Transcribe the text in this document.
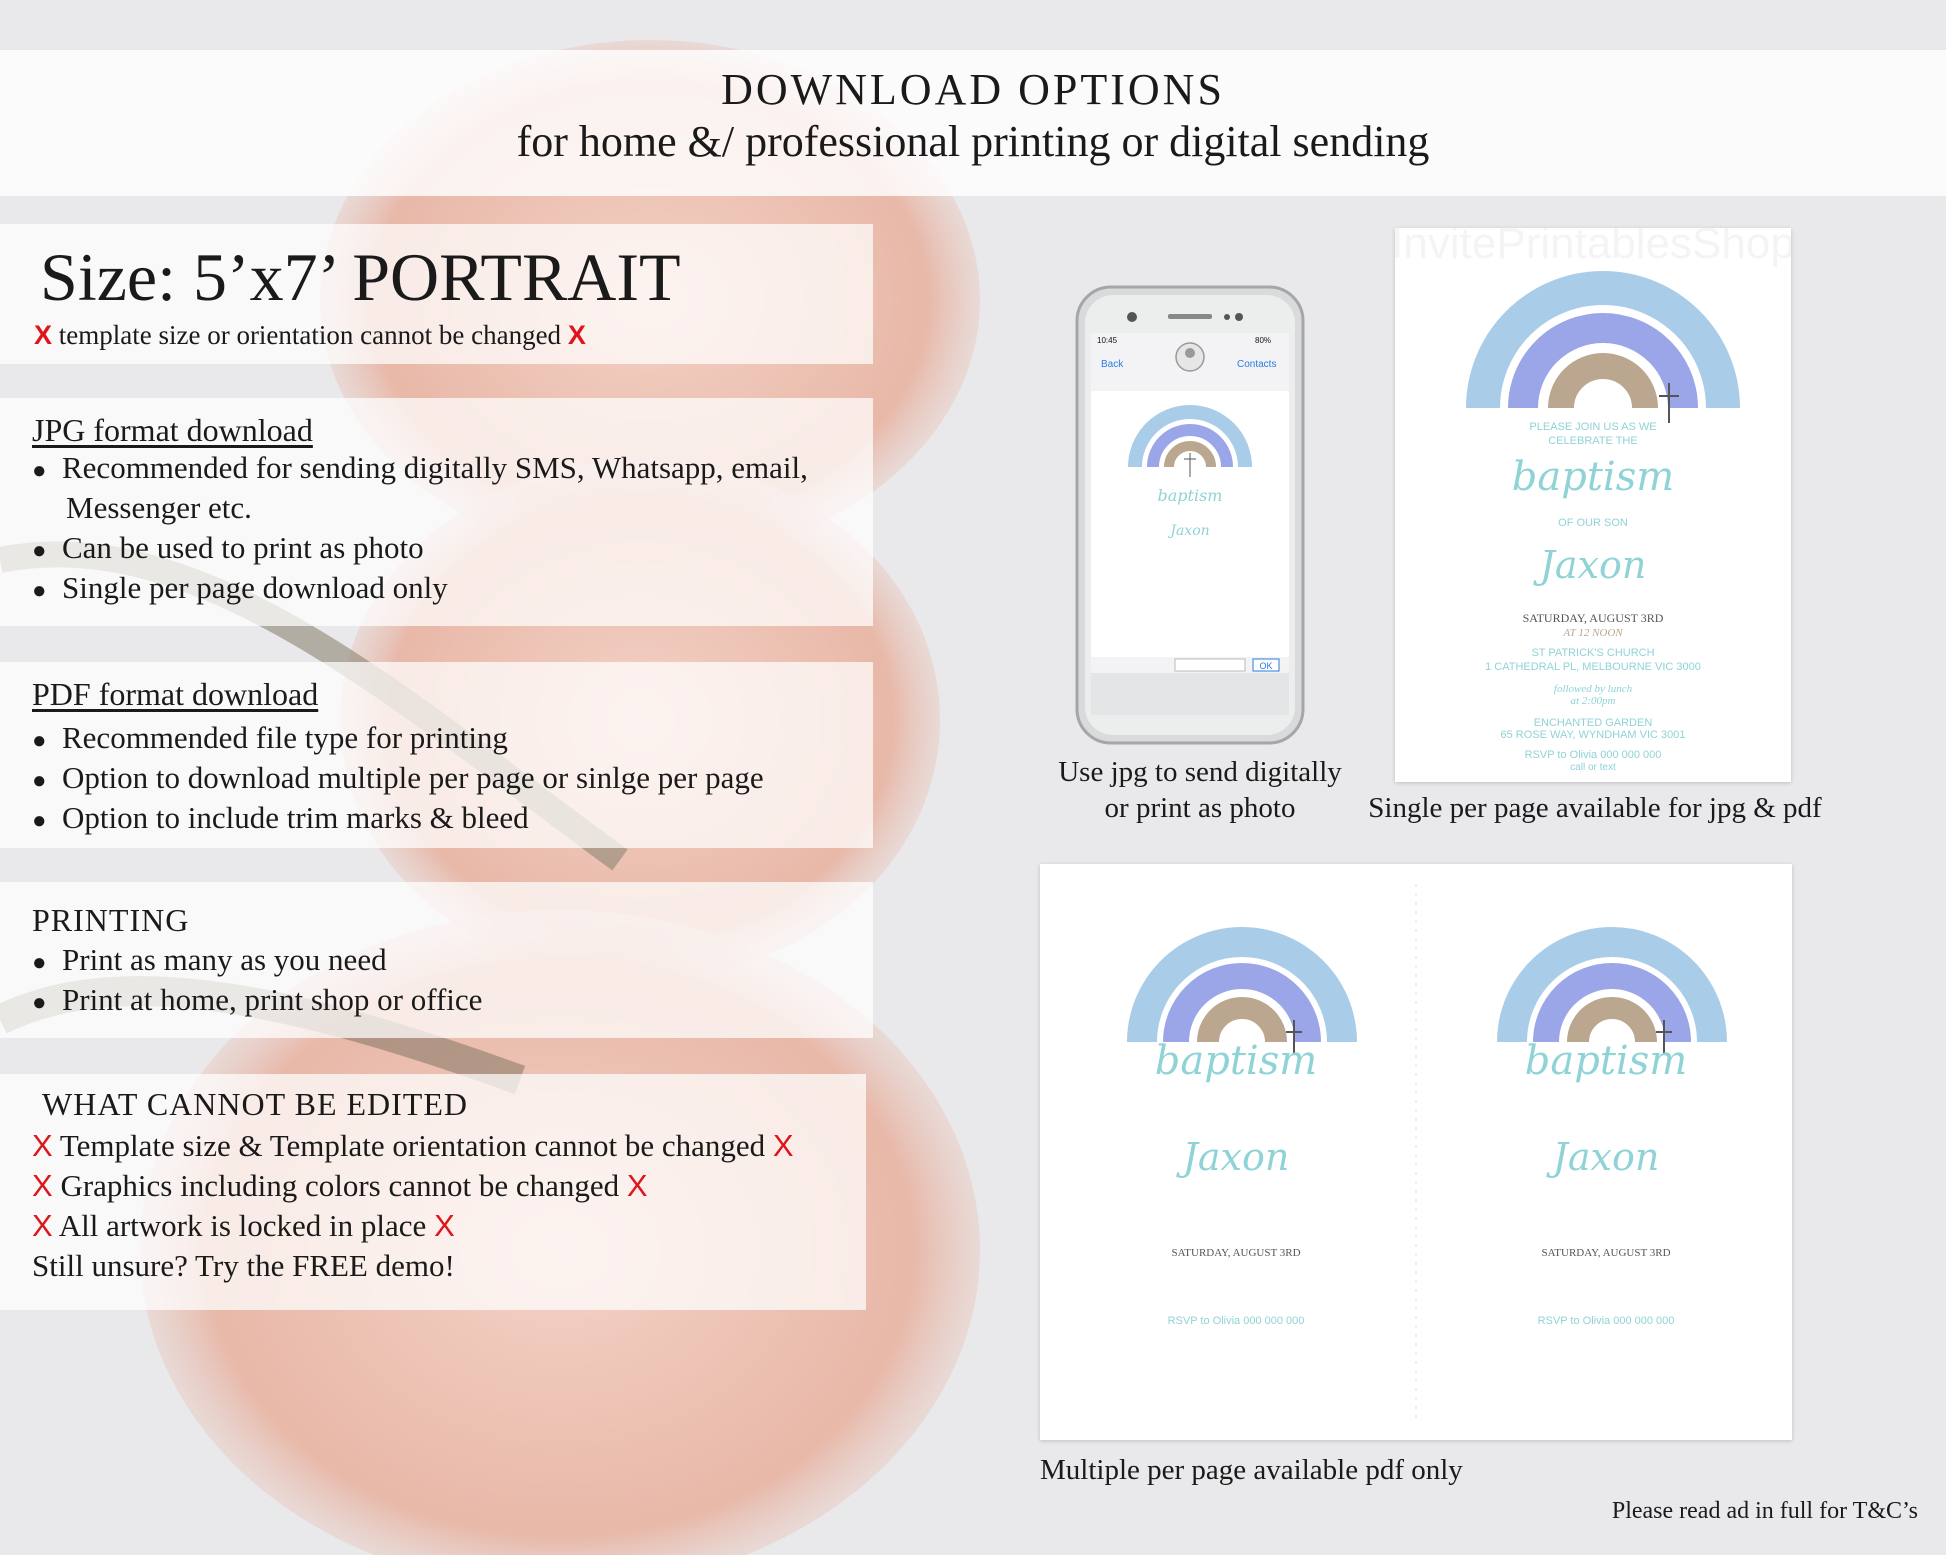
DOWNLOAD OPTIONS
for home &/ professional printing or digital sending
Size: 5’x7’ PORTRAIT
X template size or orientation cannot be changed X
JPG format download
● Recommended for sending digitally SMS, Whatsapp, email,
Messenger etc.
● Can be used to print as photo
● Single per page download only
PDF format download
● Recommended file type for printing
● Option to download multiple per page or sinlge per page
● Option to include trim marks & bleed
PRINTING
● Print as many as you need
● Print at home, print shop or office
WHAT CANNOT BE EDITED
X Template size & Template orientation cannot be changed X
X Graphics including colors cannot be changed X
X All artwork is locked in place X
Still unsure? Try the FREE demo!
10:45	80%
Back	Contacts
baptism
Jaxon
OK
Use jpg to send digitally
or print as photo
PLEASE JOIN US AS WE
CELEBRATE THE
baptism
OF OUR SON
Jaxon
SATURDAY, AUGUST 3RD
AT 12 NOON
ST PATRICK'S CHURCH
1 CATHEDRAL PL, MELBOURNE VIC 3000
followed by lunch
at 2:00pm
ENCHANTED GARDEN
65 ROSE WAY, WYNDHAM VIC 3001
RSVP to Olivia 000 000 000
call or text
Single per page available for jpg & pdf
baptism
Jaxon
SATURDAY, AUGUST 3RD
RSVP to Olivia 000 000 000
baptism
Jaxon
SATURDAY, AUGUST 3RD
RSVP to Olivia 000 000 000
Multiple per page available pdf only
Please read ad in full for T&C’s
